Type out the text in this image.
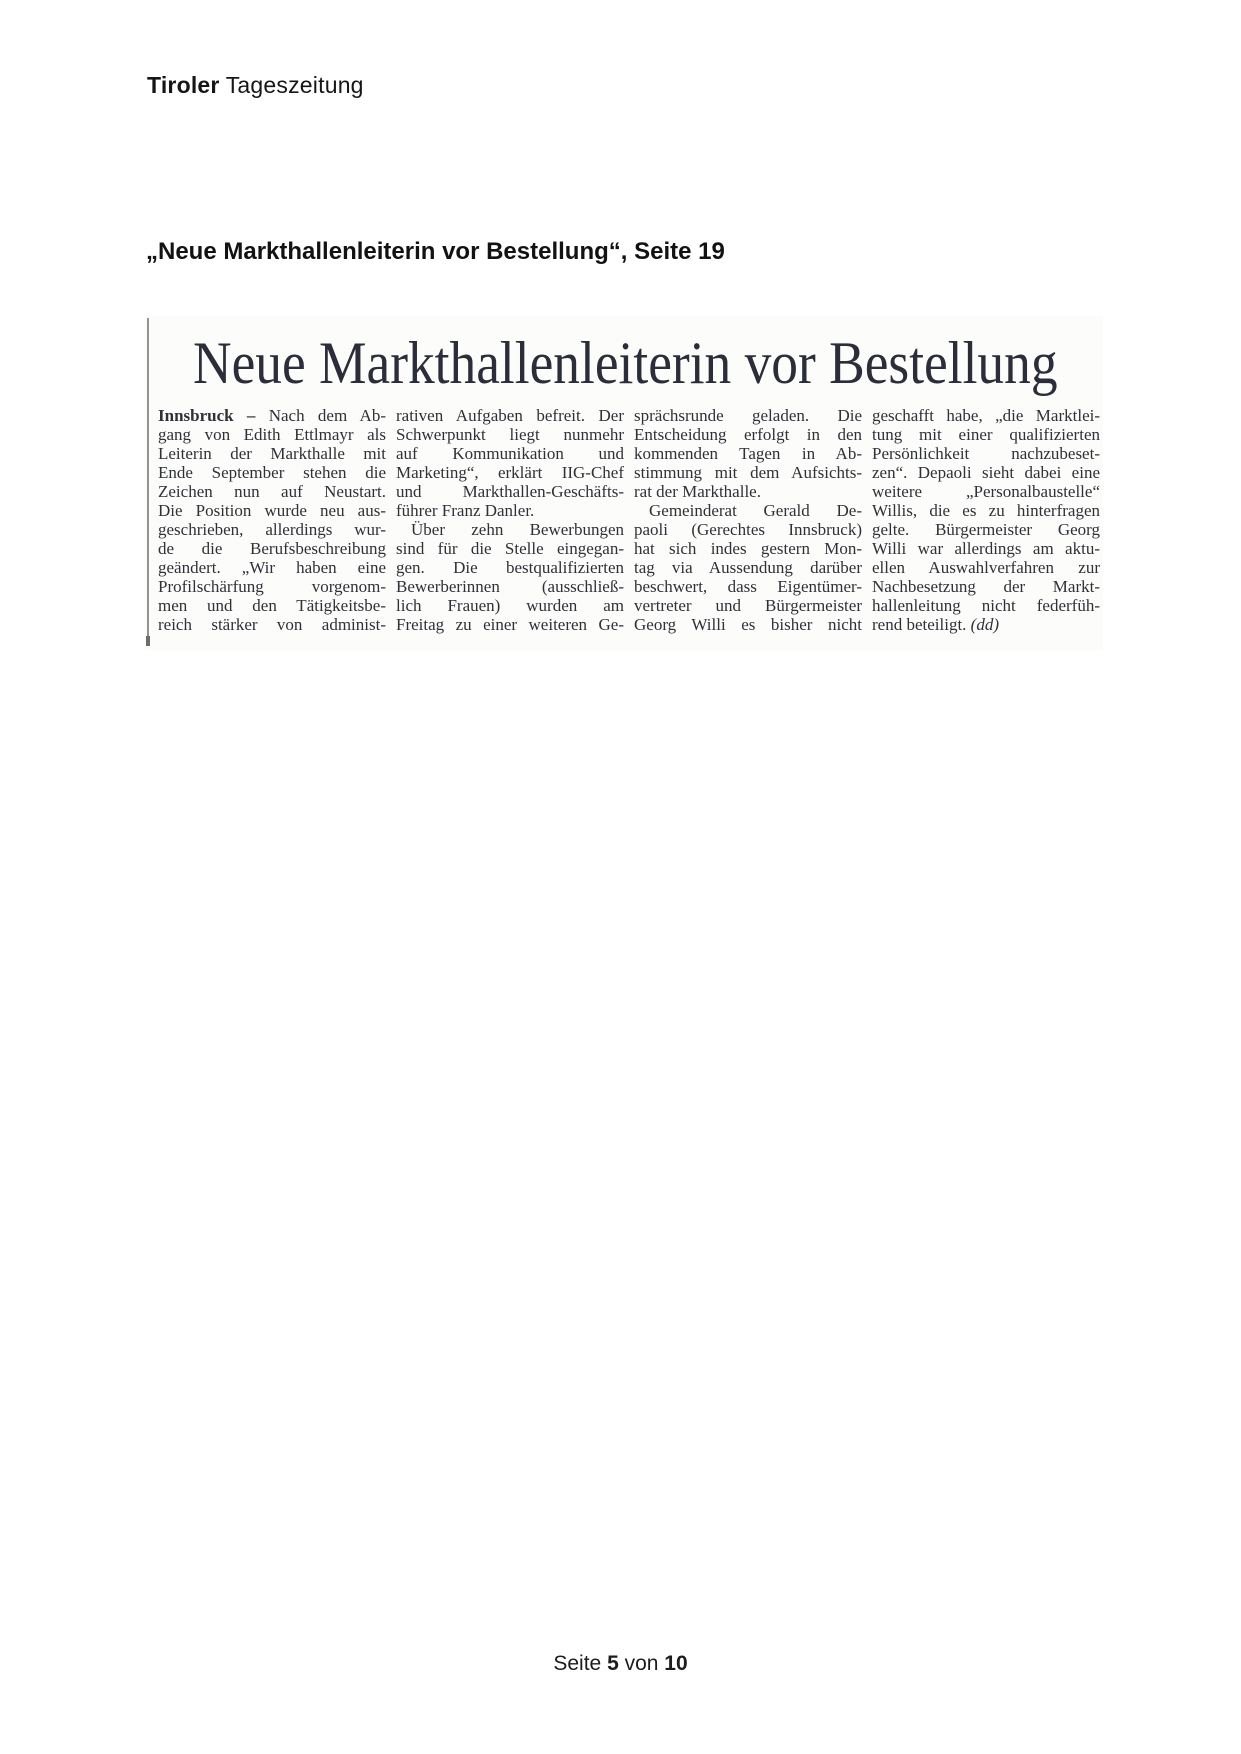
Tiroler Tageszeitung
„Neue Markthallenleiterin vor Bestellung“, Seite 19
Neue Markthallenleiterin vor Bestellung
Innsbruck – Nach dem Ab-
gang von Edith Ettlmayr als
Leiterin der Markthalle mit
Ende September stehen die
Zeichen nun auf Neustart.
Die Position wurde neu aus-
geschrieben, allerdings wur-
de die Berufsbeschreibung
geändert. „Wir haben eine
Profilschärfung vorgenom-
men und den Tätigkeitsbe-
reich stärker von administ-
rativen Aufgaben befreit. Der
Schwerpunkt liegt nunmehr
auf Kommunikation und
Marketing“, erklärt IIG-Chef
und Markthallen-Geschäfts-
führer Franz Danler.
Über zehn Bewerbungen
sind für die Stelle eingegan-
gen. Die bestqualifizierten
Bewerberinnen (ausschließ-
lich Frauen) wurden am
Freitag zu einer weiteren Ge-
sprächsrunde geladen. Die
Entscheidung erfolgt in den
kommenden Tagen in Ab-
stimmung mit dem Aufsichts-
rat der Markthalle.
Gemeinderat Gerald De-
paoli (Gerechtes Innsbruck)
hat sich indes gestern Mon-
tag via Aussendung darüber
beschwert, dass Eigentümer-
vertreter und Bürgermeister
Georg Willi es bisher nicht
geschafft habe, „die Marktlei-
tung mit einer qualifizierten
Persönlichkeit nachzubeset-
zen“. Depaoli sieht dabei eine
weitere „Personalbaustelle“
Willis, die es zu hinterfragen
gelte. Bürgermeister Georg
Willi war allerdings am aktu-
ellen Auswahlverfahren zur
Nachbesetzung der Markt-
hallenleitung nicht federfüh-
rend beteiligt. (dd)
Seite 5 von 10
